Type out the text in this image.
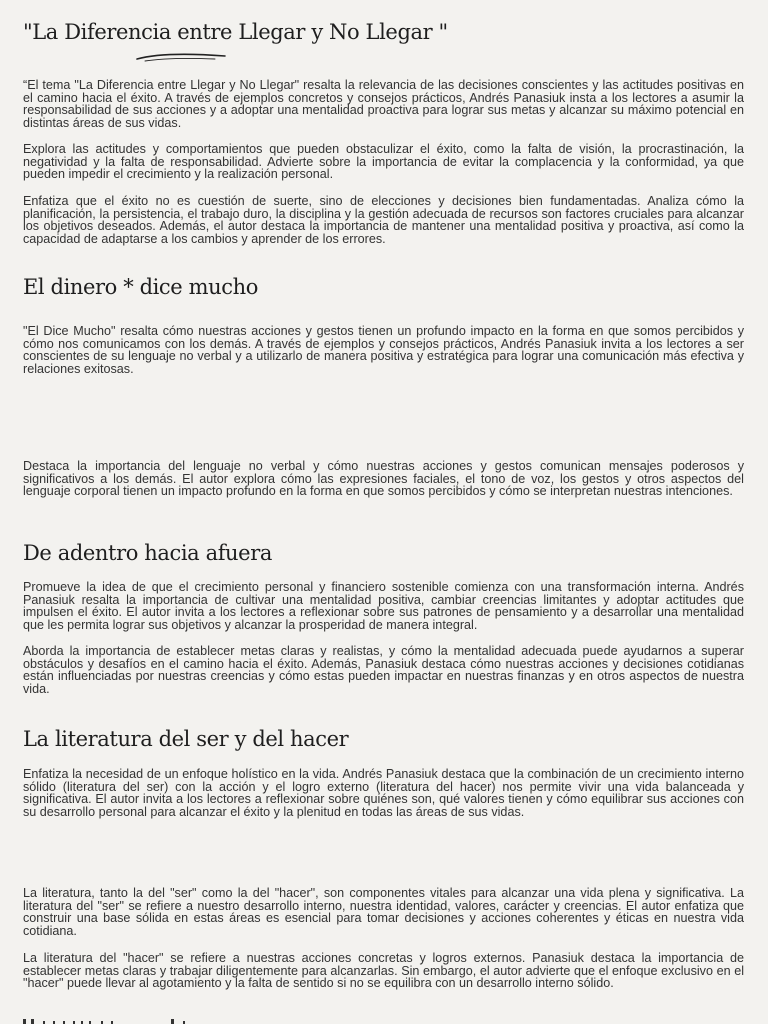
"La Diferencia entre Llegar y No Llegar "

“El tema "La Diferencia entre Llegar y No Llegar" resalta la relevancia de las decisiones conscientes y las actitudes positivas en el camino hacia el éxito. A través de ejemplos concretos y consejos prácticos, Andrés Panasiuk insta a los lectores a asumir la responsabilidad de sus acciones y a adoptar una mentalidad proactiva para lograr sus metas y alcanzar su máximo potencial en distintas áreas de sus vidas.

Explora las actitudes y comportamientos que pueden obstaculizar el éxito, como la falta de visión, la procrastinación, la negatividad y la falta de responsabilidad. Advierte sobre la importancia de evitar la complacencia y la conformidad, ya que pueden impedir el crecimiento y la realización personal.

Enfatiza que el éxito no es cuestión de suerte, sino de elecciones y decisiones bien fundamentadas. Analiza cómo la planificación, la persistencia, el trabajo duro, la disciplina y la gestión adecuada de recursos son factores cruciales para alcanzar los objetivos deseados. Además, el autor destaca la importancia de mantener una mentalidad positiva y proactiva, así como la capacidad de adaptarse a los cambios y aprender de los errores.

El dinero * dice mucho

"El Dice Mucho" resalta cómo nuestras acciones y gestos tienen un profundo impacto en la forma en que somos percibidos y cómo nos comunicamos con los demás. A través de ejemplos y consejos prácticos, Andrés Panasiuk invita a los lectores a ser conscientes de su lenguaje no verbal y a utilizarlo de manera positiva y estratégica para lograr una comunicación más efectiva y relaciones exitosas.

Destaca la importancia del lenguaje no verbal y cómo nuestras acciones y gestos comunican mensajes poderosos y significativos a los demás. El autor explora cómo las expresiones faciales, el tono de voz, los gestos y otros aspectos del lenguaje corporal tienen un impacto profundo en la forma en que somos percibidos y cómo se interpretan nuestras intenciones.

De adentro hacia afuera

Promueve la idea de que el crecimiento personal y financiero sostenible comienza con una transformación interna. Andrés Panasiuk resalta la importancia de cultivar una mentalidad positiva, cambiar creencias limitantes y adoptar actitudes que impulsen el éxito. El autor invita a los lectores a reflexionar sobre sus patrones de pensamiento y a desarrollar una mentalidad que les permita lograr sus objetivos y alcanzar la prosperidad de manera integral.

Aborda la importancia de establecer metas claras y realistas, y cómo la mentalidad adecuada puede ayudarnos a superar obstáculos y desafíos en el camino hacia el éxito. Además, Panasiuk destaca cómo nuestras acciones y decisiones cotidianas están influenciadas por nuestras creencias y cómo estas pueden impactar en nuestras finanzas y en otros aspectos de nuestra vida.

La literatura del ser y del hacer

Enfatiza la necesidad de un enfoque holístico en la vida. Andrés Panasiuk destaca que la combinación de un crecimiento interno sólido (literatura del ser) con la acción y el logro externo (literatura del hacer) nos permite vivir una vida balanceada y significativa. El autor invita a los lectores a reflexionar sobre quiénes son, qué valores tienen y cómo equilibrar sus acciones con su desarrollo personal para alcanzar el éxito y la plenitud en todas las áreas de sus vidas.

La literatura, tanto la del "ser" como la del "hacer", son componentes vitales para alcanzar una vida plena y significativa. La literatura del "ser" se refiere a nuestro desarrollo interno, nuestra identidad, valores, carácter y creencias. El autor enfatiza que construir una base sólida en estas áreas es esencial para tomar decisiones y acciones coherentes y éticas en nuestra vida cotidiana.

La literatura del "hacer" se refiere a nuestras acciones concretas y logros externos. Panasiuk destaca la importancia de establecer metas claras y trabajar diligentemente para alcanzarlas. Sin embargo, el autor advierte que el enfoque exclusivo en el "hacer" puede llevar al agotamiento y la falta de sentido si no se equilibra con un desarrollo interno sólido.
